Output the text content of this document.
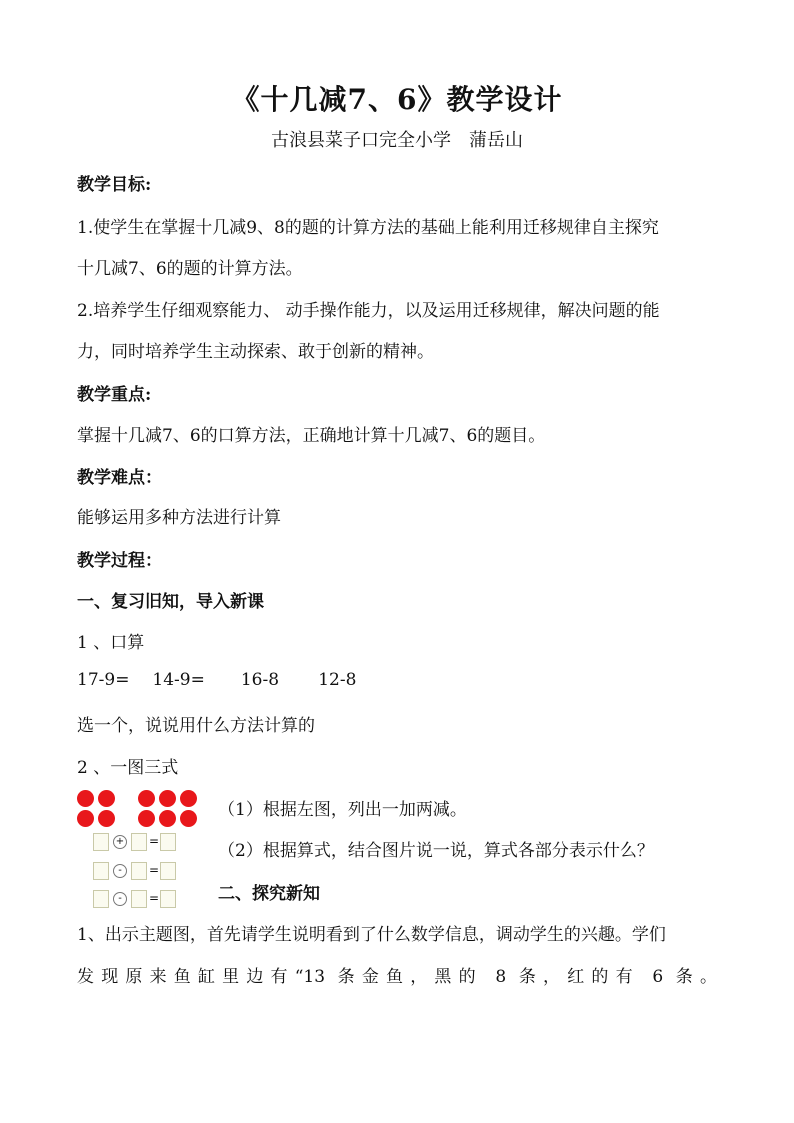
《十几减7、6》教学设计
古浪县菜子口完全小学　蒲岳山
教学目标:
1.使学生在掌握十几减9、8的题的计算方法的基础上能利用迁移规律自主探究
十几减7、6的题的计算方法。
2.培养学生仔细观察能力、 动手操作能力，以及运用迁移规律，解决问题的能
力，同时培养学生主动探索、敢于创新的精神。
教学重点:
掌握十几减7、6的口算方法，正确地计算十几减7、6的题目。
教学难点：
能够运用多种方法进行计算
教学过程：
一、复习旧知，导入新课
1 、口算
17-9= 14-9= 16-8 12-8
选一个，说说用什么方法计算的
2 、一图三式
+ =
-	=
-	=
（1）根据左图，列出一加两减。
（2）根据算式，结合图片说一说，算式各部分表示什么？
二、探究新知
1、出示主题图，首先请学生说明看到了什么数学信息，调动学生的兴趣。学们
发现原来鱼缸里边有“13 条金鱼，黑的 8 条，红的有 6 条。
